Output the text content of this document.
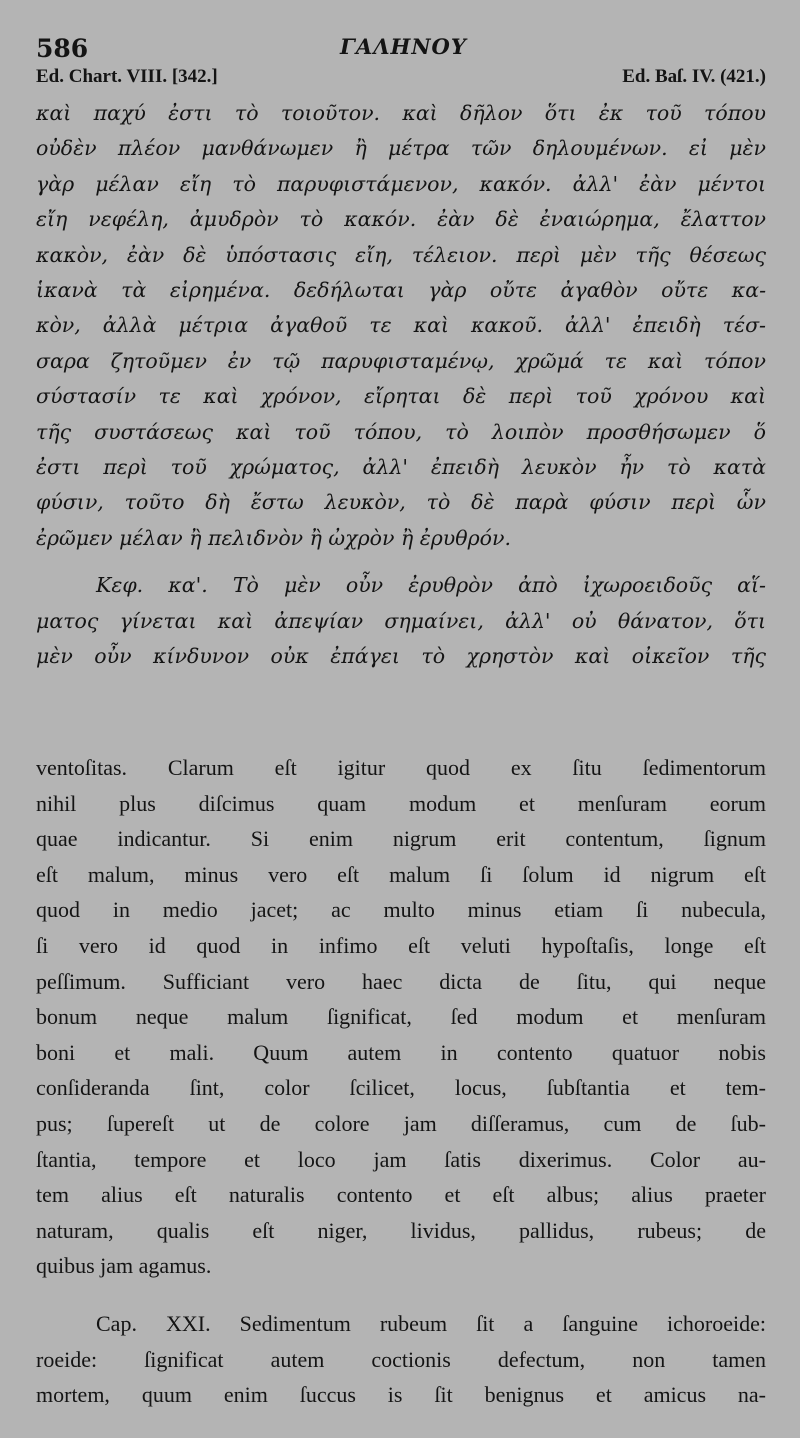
586	ΓΑΛΗΝΟΥ
Ed. Chart. VIII. [342.]	Ed. Baſ. IV. (421.)
καὶ παχύ ἐστι τὸ τοιοῦτον. καὶ δῆλον ὅτι ἐκ τοῦ τόπου
οὐδὲν πλέον μανθάνωμεν ἢ μέτρα τῶν δηλουμένων. εἰ μὲν
γὰρ μέλαν εἴη τὸ παρυφιστάμενον, κακόν. ἀλλ' ἐὰν μέντοι
εἴη νεφέλη, ἀμυδρὸν τὸ κακόν. ἐὰν δὲ ἐναιώρημα, ἔλαττον
κακὸν, ἐὰν δὲ ὑπόστασις εἴη, τέλειον. περὶ μὲν τῆς θέσεως
ἱκανὰ τὰ εἰρημένα. δεδήλωται γὰρ οὔτε ἀγαθὸν οὔτε κα-
κὸν, ἀλλὰ μέτρια ἀγαθοῦ τε καὶ κακοῦ. ἀλλ' ἐπειδὴ τέσ-
σαρα ζητοῦμεν ἐν τῷ παρυφισταμένῳ, χρῶμά τε καὶ τόπον
σύστασίν τε καὶ χρόνον, εἴρηται δὲ περὶ τοῦ χρόνου καὶ
τῆς συστάσεως καὶ τοῦ τόπου, τὸ λοιπὸν προσθήσωμεν ὅ
ἐστι περὶ τοῦ χρώματος, ἀλλ' ἐπειδὴ λευκὸν ἦν τὸ κατὰ
φύσιν, τοῦτο δὴ ἔστω λευκὸν, τὸ δὲ παρὰ φύσιν περὶ ὧν
ἐρῶμεν μέλαν ἢ πελιδνὸν ἢ ὠχρὸν ἢ ἐρυθρόν.
Κεφ. κα'. Τὸ μὲν οὖν ἐρυθρὸν ἀπὸ ἰχωροειδοῦς αἵ-
ματος γίνεται καὶ ἀπεψίαν σημαίνει, ἀλλ' οὐ θάνατον, ὅτι
μὲν οὖν κίνδυνον οὐκ ἐπάγει τὸ χρηστὸν καὶ οἰκεῖον τῆς
ventoſitas. Clarum eſt igitur quod ex ſitu ſedimentorum
nihil plus diſcimus quam modum et menſuram eorum
quae indicantur. Si enim nigrum erit contentum, ſignum
eſt malum, minus vero eſt malum ſi ſolum id nigrum eſt
quod in medio jacet; ac multo minus etiam ſi nubecula,
ſi vero id quod in infimo eſt veluti hypoſtaſis, longe eſt
peſſimum. Sufficiant vero haec dicta de ſitu, qui neque
bonum neque malum ſignificat, ſed modum et menſuram
boni et mali. Quum autem in contento quatuor nobis
conſideranda ſint, color ſcilicet, locus, ſubſtantia et tem-
pus; ſupereſt ut de colore jam diſſeramus, cum de ſub-
ſtantia, tempore et loco jam ſatis dixerimus. Color au-
tem alius eſt naturalis contento et eſt albus; alius praeter
naturam, qualis eſt niger, lividus, pallidus, rubeus; de
quibus jam agamus.
Cap. XXI. Sedimentum rubeum ſit a ſanguine ichoroeide:
roeide: ſignificat autem coctionis defectum, non tamen
mortem, quum enim ſuccus is ſit benignus et amicus na-
